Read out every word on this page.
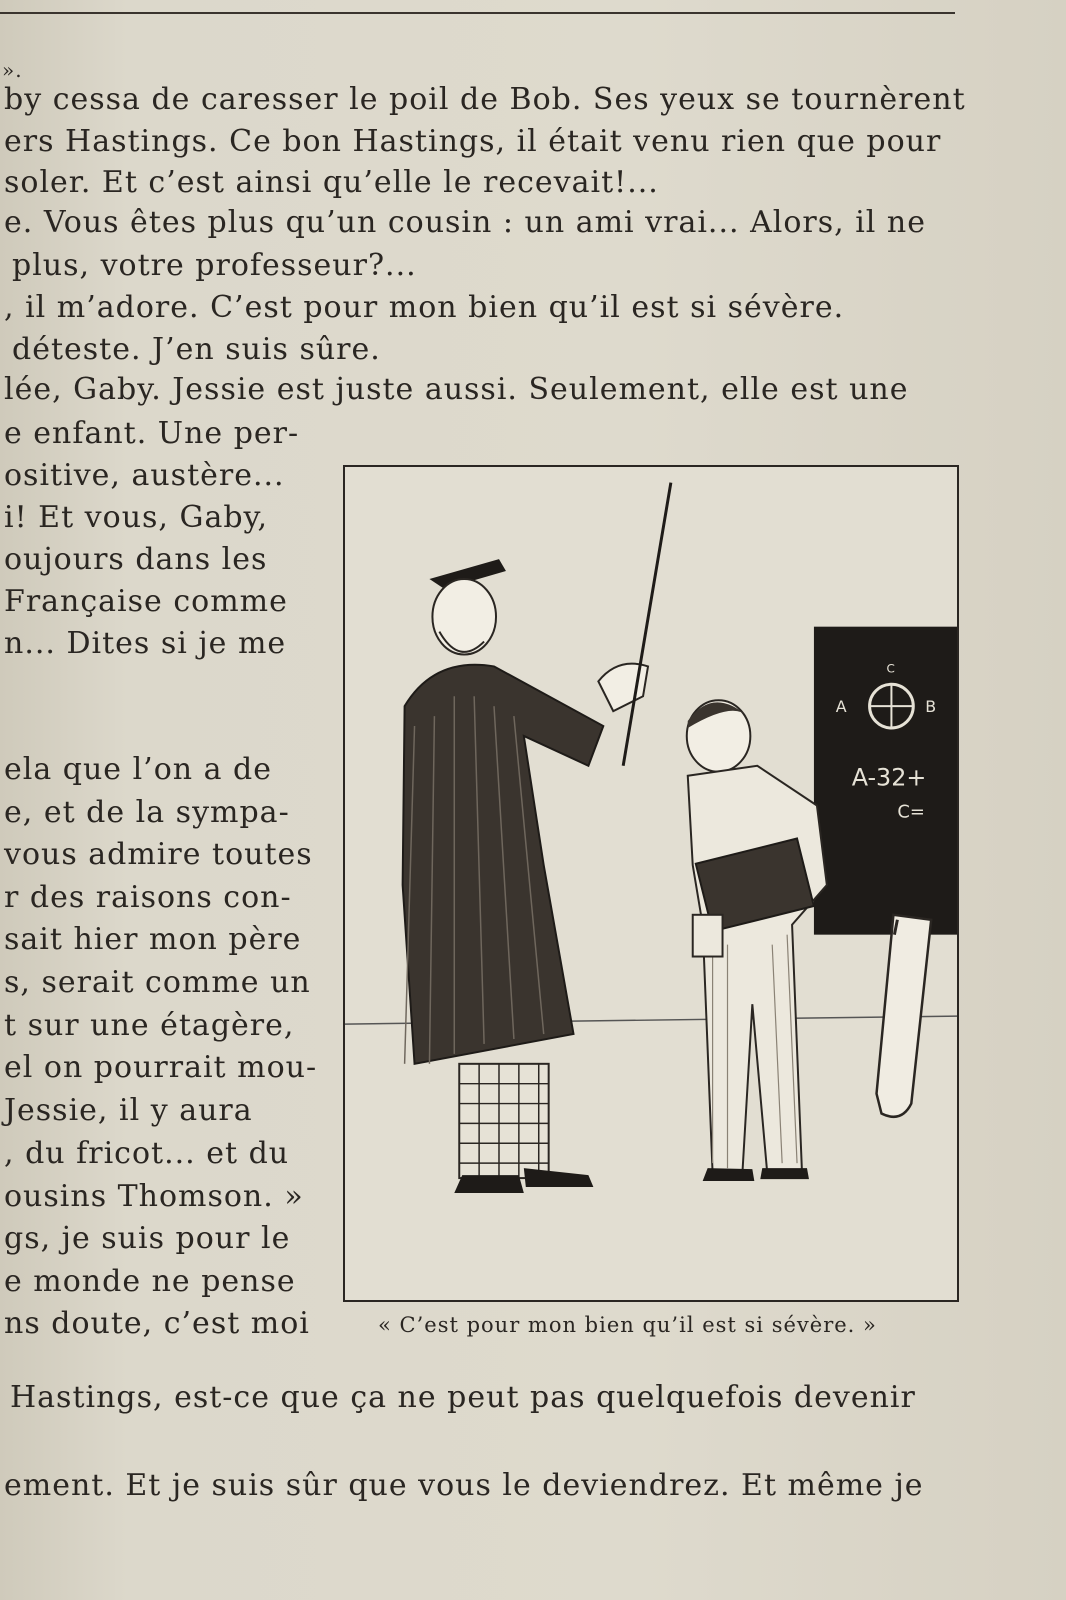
».
by cessa de caresser le poil de Bob. Ses yeux se tournèrent
ers Hastings. Ce bon Hastings, il était venu rien que pour
soler. Et c’est ainsi qu’elle le recevait!...
e. Vous êtes plus qu’un cousin : un ami vrai... Alors, il ne
plus, votre professeur?...
, il m’adore. C’est pour mon bien qu’il est si sévère.
déteste. J’en suis sûre.
lée, Gaby. Jessie est juste aussi. Seulement, elle est une
e enfant. Une per-
ositive, austère...
i! Et vous, Gaby,
oujours dans les
Française comme
n... Dites si je me
ela que l’on a de
e, et de la sympa-
vous admire toutes
r des raisons con-
sait hier mon père
s, serait comme un
t sur une étagère,
el on pourrait mou-
Jessie, il y aura
, du fricot... et du
ousins Thomson. »
gs, je suis pour le
e monde ne pense
ns doute, c’est moi
C
A	B
A-32+
C=
« C’est pour mon bien qu’il est si sévère. »
Hastings, est-ce que ça ne peut pas quelquefois devenir
ement. Et je suis sûr que vous le deviendrez. Et même je
